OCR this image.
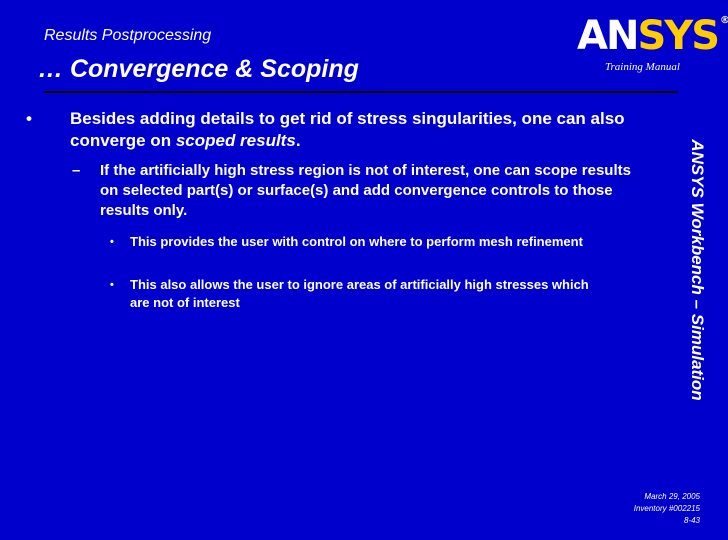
Results Postprocessing
… Convergence & Scoping
ANSYS ®
Training Manual
•	Besides adding details to get rid of stress singularities, one can also converge on scoped results.
–	If the artificially high stress region is not of interest, one can scope results on selected part(s) or surface(s) and add convergence controls to those results only.
•	This provides the user with control on where to perform mesh refinement
•	This also allows the user to ignore areas of artificially high stresses which are not of interest	ANSYS Workbench – Simulation
March 29, 2005
Inventory #002215
8-43
